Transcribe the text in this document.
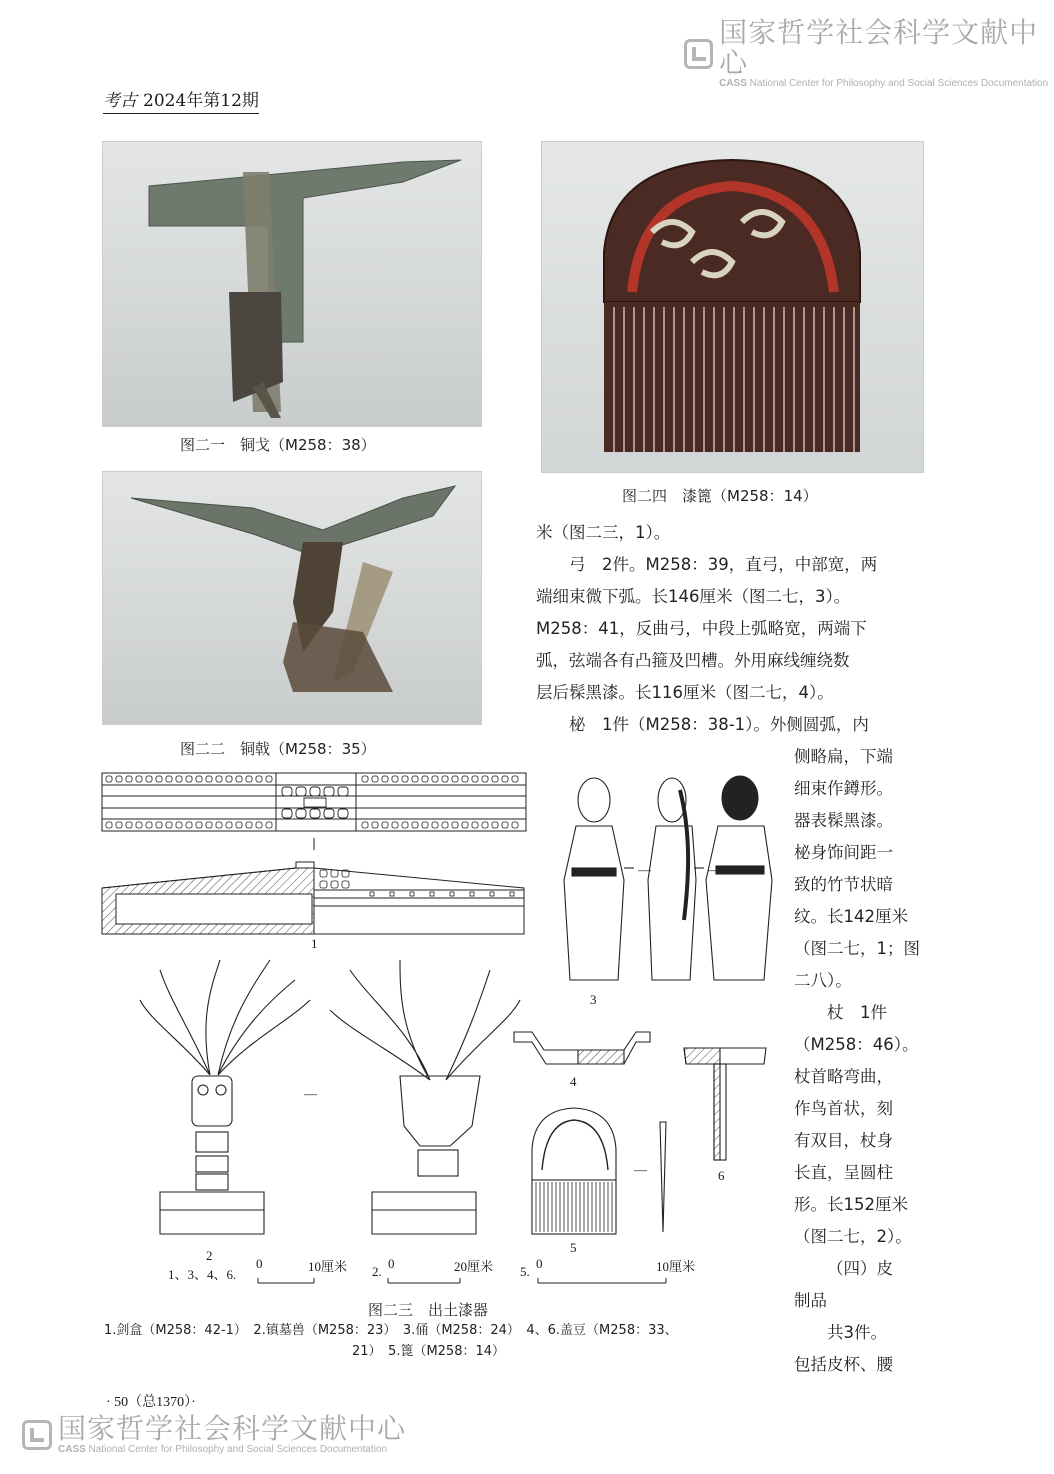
国家哲学社会科学文献中心
CASS National Center for Philosophy and Social Sciences Documentation
国家哲学社会科学文献中心
CASS National Center for Philosophy and Social Sciences Documentation
考古 2024年第12期
图二一　铜戈（M258：38）
图二二　铜戟（M258：35）
图二四　漆篦（M258：14）

米（图二三，1）。

弓　2件。M258：39，直弓，中部宽，两

端细束微下弧。长146厘米（图二七，3）。

M258：41，反曲弓，中段上弧略宽，两端下

弧，弦端各有凸箍及凹槽。外用麻线缠绕数

层后髹黑漆。长116厘米（图二七，4）。

柲　1件（M258：38-1）。外侧圆弧，内

侧略扁，下端

细束作鐏形。

器表髹黑漆。

柲身饰间距一

致的竹节状暗

纹。长142厘米

（图二七，1；图

二八）。

杖　1件

（M258：46）。

杖首略弯曲，

作鸟首状，刻

有双目，杖身

长直，呈圆柱

形。长152厘米

（图二七，2）。

（四）皮

制品

共3件。

包括皮杯、腰

1
2
3
4
5
6
—
—
—	—
1、3、4、6.
0	10厘米 2.
0	20厘米 5.
0	10厘米
图二三　出土漆器
1.剑盒（M258：42-1）　2.镇墓兽（M258：23）　3.俑（M258：24）　4、6.盖豆（M258：33、
21）　5.篦（M258：14）
· 50（总1370）·
